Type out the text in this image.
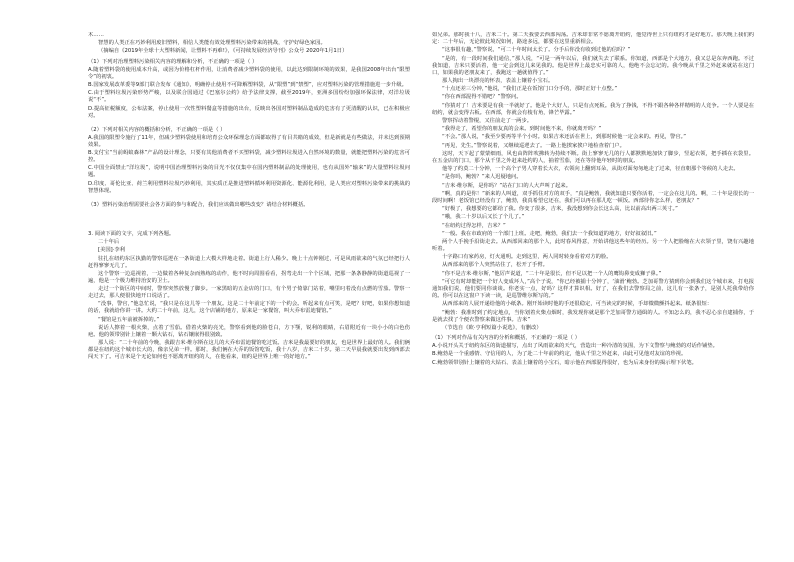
木……

智慧的人类正在巧妙利用废旧塑料，相信人类能有效处理塑料污染带来的挑战，守护好绿色家园。

（摘编自《2019年全球十大塑料新闻，让塑料不再难!》，《可持续发展经济导刊》公众号 2020年1月1日）

（1）下列对治理塑料污染相关内容的理解和分析，不正确的一项是（ ）

A.随着塑料袋的使用成本升高，或因为价格杠杆作用，让消费者减少塑料袋的使用，以此达到限制环境的效果，是我国2008年出台“限塑令”的初衷。

B.国家发展改革委等9部门联合发布《通知》，明确停止使用不可降解塑料袋，从“限塑”到“禁塑”，应对塑料污染的管理措施进一步升级。

C.由于塑料垃圾污染形势严峻，以及联合国通过《巴塞尔公约》给予法律支撑，截至2019年，亚洲多国纷纷加强环保法律，对洋垃圾说“不”。

D.提高征税额度，公布法案，停止使用一次性塑料餐盒等措施的出台，反映出各国对塑料制品造成的危害有了更清醒的认识，已在积极应对。

（2）下列对相关内容的概括和分析，不正确的一项是（ ）

A.我国的限塑令施行了11年，但减少塑料袋使用和培育公众环保理念方面都取得了有目共睹的成效，但是新就是有些做法，并未达到预期效果。

B.支付宝“当前蚂蚁森林”产品的设计理念，只要有其他消费者不买塑料袋，减少塑料垃圾进入自然环境的数量，就能把塑料污染的危害可控。

C.中国全面禁止“洋垃圾”，说明中国治理塑料污染的目光不仅仅集中在国内塑料制品的处理使用，也有从国外“输来”的大量塑料垃圾问题。

D.印度、哥伦比亚、荷兰利用塑料垃圾巧妙利用，其实质正是推进塑料循环利用资源化、能源化利用，是人类应对塑料污染带来的挑战的智慧体现。

（3）塑料污染治理需要社会各方面的参与和配合，我们应该做出哪些改变？请结合材料概括。

3. 阅读下面的文字，完成下列各题。

二十年后

[美国]·李利

驻扎在纽约东区执勤的警察巡逻在一条街道上大模大样地走着。街道上行人稀少。晚上十点钟刚过，可是风雨欲来的气氛已经把行人赶得寥寥无几了。

这个警察一边巡视着，一边做着各种复杂而熟练的动作，他不时向周围看看，拐弯走出一个个区域，把那一条条静静的街道巡视了一遍，他是一个极力维持治安的卫士。

走过一个街区的中间时，警察突然放慢了脚步。一家黑暗的五金店的门口，有个男子倚靠门站着，嘴里叼着没有点燃的雪茄。警察一走过去，那人便很快地开口说话了。

“没事，警官，”他急忙说，“我只是在这儿等一个朋友。这是二十年前定下的一个约会。听起来有点可笑，是吧？好吧，如果你想知道的话，我就给你讲一讲。大约二十年前，这儿，这个店铺的地方，原来是一家餐馆，叫大乔布雷迪餐馆。”

“餐馆是五年前被拆掉的。”

说话人擦着一根火柴，点着了雪茄。借着火柴的亮光，警察看到他的脸苍白，方下颚，锐利的眼睛，右眉附近有一块小小的白色伤疤。他的领带别针上镶着一颗大钻石，钻石镶嵌得很别致。

那人说：“二十年前的今晚，我跟吉米·维尔斯在这儿的大乔布雷迪餐馆吃过饭。吉米是我最要好的朋友，也是世界上最好的人。我们俩都是在纽约这个城市长大的，像亲兄弟一样。那时，我们俩在大乔的饭馆吃饭，我十八岁，吉米二十岁。第二天早晨我就要出发到西部去闯天下了。可吉米是个无论如何也不愿离开纽约的人，在他看来，纽约是世界上唯一的好地方。”

如兄弟。那时我十八，吉米二十。第二天我要去西部闯荡。吉米却非常不愿离开纽约，他觉得世上只有纽约才是好地方。那天晚上我们约定：二十年后，无论彼此境况如何，路途多远，都要在这里重新相会。

“这事很有趣，”警察说，“可二十年时间太长了。分手后你没有收到过他的信吗？”

“是的，有一段时间我们通信，”那人说，“可是一两年以后，我们就失去了联系。你知道，西部是个大地方，我又总是东奔西跑。不过我知道，吉米只要活着，他一定会到这儿来见我的。他是世界上最忠实可靠的人，他绝不会忘记的。我今晚从千里之外赶来就站在这门口，如果我的老朋友来了，我跑这一趟就值得了。”

那人掏出一块漂亮的怀表，表盖上镶着小宝石。

“十点还差三分钟，”他说，“我们正是在饭馆门口分手的，那时正好十点整。”

“你在西部混得不错吧？”警察问。

“你猜对了！吉米要是有我一半就好了。他是个大好人，只是有点死板。我为了挣钱，不得不跟各种各样精明的人竞争。一个人要是在纽约，就会变得古板。在西部，你就会有棱有角，锋芒毕露。”

警察挥动着警棍，又往前走了一两步。

“我得走了，希望你的朋友真的会来。到时间他不来，你就离开吗？”

“不会。”那人说，“我至少要再等半个小时。如果吉米还活在世上，到那时候他一定会来的。再见，警官。”

“再见，先生。”警察说着，又继续巡逻去了。一路上他挨家挨户地检查着门户。

这时，天下起了蒙蒙细雨，风也由阵阵吹拂转为持续不断。街上寥寥无几的行人都默默地加快了脚步，竖起衣领，把手插在衣袋里。在五金店的门口，那个从千里之外赶来赴约的人，抽着雪茄，还在等待他年轻时的朋友。

他等了约莫二十分钟，一个高个子男人穿着长大衣，衣领向上翻到耳朵，从街对面匆匆地走了过来，径直朝那个等候的人走去。

“是你吗，鲍勃？”来人迟疑地问。

“吉米·维尔斯，是你吗？”站在门口的人大声叫了起来。

“啊，真的是你！”新来的人叫道，双手抓住对方的双手，“真是鲍勃，我就知道只要你活着，一定会在这儿的。啊，二十年是很长的一段时间啊！老饭馆已经没有了，鲍勃，我真希望它还在，我们可以再在那儿吃一顿饭。西部待你怎么样，老朋友？”

“好极了，我想要的它都给了我。你变了很多，吉米，我没想到你会长这么高，比以前高出两三英寸。”

“哦，我二十岁以后又长了个儿了。”

“在纽约过得怎样，吉米？”

“一般。我在市政府的一个部门上班。走吧，鲍勃，我们去一个我知道的地方，好好叙叙旧。”

两个人手挽手沿街走去。从西部回来的那个人，此时春风得意，开始讲他这些年的经历。另一个人把脸缩在大衣领子里，饶有兴趣地听着。

十字路口有家药房，灯火通明。走到这里，两人同时转身看着对方的脸。

从西部来的那个人突然站住了，松开了手臂。

“你不是吉米·维尔斯，”他厉声说道，“二十年是很长，但不足以把一个人的鹰钩鼻变成狮子鼻。”

“可它有时却能把一个好人变成坏人，”高个子说，“你已经被捕十分钟了，‘油滑’鲍勃。芝加哥警方猜到你会到我们这个城市来，打电报通知我们说，他们要同你谈谈。你老实一点，好吗？这样才算识相。好了，在我们去警察局之前，这儿有一张条子，是别人托我带给你的。你可以在这窗户下读一读，是巡警维尔斯写的。”

从西部来的人展开递给他的小纸条。刚开始读时他的手还很稳定，可当读完的时候，手却微微颤抖起来。纸条很短：

“鲍勃：我准时到了约定地点，当你划着火柴点烟时，我发现你就是那个芝加哥警方通缉的人。不知怎么的，我不忍心亲自逮捕你，于是就去找了个便衣警察来做这件事。吉米”

（节选自《欧·亨利短篇小说选》，有删改）

（1）下列对作品有关内容的分析和概括，不正确的一项是（ ）

A.小说开头关于纽约东区的街道描写，点出了风雨欲来的天气，营造出一种冷清的氛围，为下文警察与鲍勃的对话作铺垫。

B.鲍勃是一个重感情、守信用的人，为了赴二十年前的约定，他从千里之外赶来，由此可见他对友谊的珍视。

C.鲍勃领带别针上镶着的大钻石、表盖上镶着的小宝石，暗示他在西部混得很好，也为后来身份的揭示埋下伏笔。
